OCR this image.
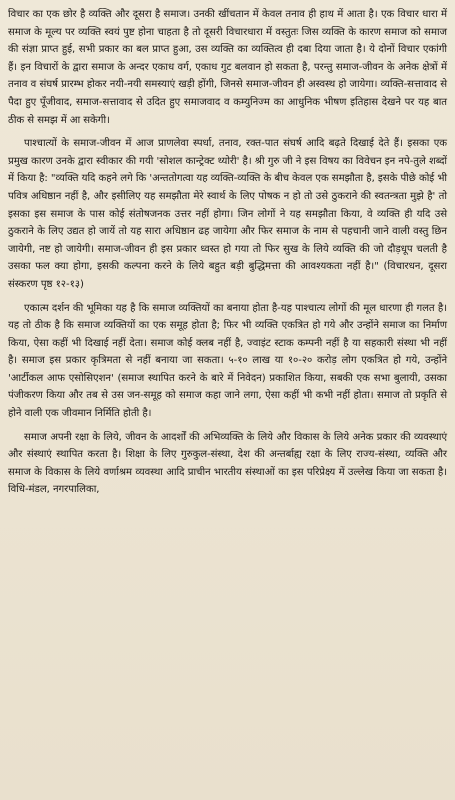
विचार का एक छोर है व्यक्ति और दूसरा है समाज। उनकी खींचतान में केवल तनाव ही हाथ में आता है। एक विचार धारा में समाज के मूल्य पर व्यक्ति स्वयं पुष्ट होना चाहता है तो दूसरी विचारधारा में वस्तुतः जिस व्यक्ति के कारण समाज को समाज की संज्ञा प्राप्त हुई, सभी प्रकार का बल प्राप्त हुआ, उस व्यक्ति का व्यक्तित्व ही दबा दिया जाता है। ये दोनों विचार एकांगी हैं। इन विचारों के द्वारा समाज के अन्दर एकाध वर्ग, एकाध गुट बलवान हो सकता है, परन्तु समाज-जीवन के अनेक क्षेत्रों में तनाव व संघर्ष प्रारम्भ होकर नयी-नयी समस्याएं खड़ी होंगी, जिनसे समाज-जीवन ही अस्वस्थ हो जायेगा। व्यक्ति-सत्तावाद से पैदा हुए पूँजीवाद, समाज-सत्तावाद से उदित हुए समाजवाद व कम्युनिज्म का आधुनिक भीषण इतिहास देखने पर यह बात ठीक से समझ में आ सकेगी।

पाश्चात्यों के समाज-जीवन में आज प्राणलेवा स्पर्धा, तनाव, रक्त-पात संघर्ष आदि बढ़ते दिखाई देते हैं। इसका एक प्रमुख कारण उनके द्वारा स्वीकार की गयी 'सोशल कान्ट्रेक्ट थ्योरी' है। श्री गुरु जी ने इस विषय का विवेचन इन नपे-तुले शब्दों में किया है: "व्यक्ति यदि कहने लगे कि 'अन्ततोगत्वा यह व्यक्ति-व्यक्ति के बीच केवल एक समझौता है, इसके पीछे कोई भी पवित्र अधिष्ठान नहीं है, और इसीलिए यह समझौता मेरे स्वार्थ के लिए पोषक न हो तो उसे ठुकराने की स्वतन्त्रता मुझे है' तो इसका इस समाज के पास कोई संतोषजनक उत्तर नहीं होगा। जिन लोगों ने यह समझौता किया, वे व्यक्ति ही यदि उसे ठुकराने के लिए उद्यत हो जायें तो यह सारा अधिष्ठान ढह जायेगा और फिर समाज के नाम से पहचानी जाने वाली वस्तु छिन जायेगी, नष्ट हो जायेगी। समाज-जीवन ही इस प्रकार ध्वस्त हो गया तो फिर सुख के लिये व्यक्ति की जो दौड़धूप चलती है उसका फल क्या होगा, इसकी कल्पना करने के लिये बहुत बड़ी बुद्धिमत्ता की आवश्यकता नहीं है।" (विचारधन, दूसरा संस्करण पृष्ठ १२-१३)

एकात्म दर्शन की भूमिका यह है कि समाज व्यक्तियों का बनाया होता है-यह पाश्चात्य लोगों की मूल धारणा ही गलत है। यह तो ठीक है कि समाज व्यक्तियों का एक समूह होता है; फिर भी व्यक्ति एकत्रित हो गये और उन्होंने समाज का निर्माण किया, ऐसा कहीं भी दिखाई नहीं देता। समाज कोई क्लब नहीं है, ज्वाइंट स्टाक कम्पनी नहीं है या सहकारी संस्था भी नहीं है। समाज इस प्रकार कृत्रिमता से नहीं बनाया जा सकता। ५-१० लाख या १०-२० करोड़ लोग एकत्रित हो गये, उन्होंने 'आर्टीकल आफ एसोसिएशन' (समाज स्थापित करने के बारे में निवेदन) प्रकाशित किया, सबकी एक सभा बुलायी, उसका पंजीकरण किया और तब से उस जन-समूह को समाज कहा जाने लगा, ऐसा कहीं भी कभी नहीं होता। समाज तो प्रकृति से होने वाली एक जीवमान निर्मिति होती है।

समाज अपनी रक्षा के लिये, जीवन के आदर्शों की अभिव्यक्ति के लिये और विकास के लिये अनेक प्रकार की व्यवस्थाएं और संस्थाएं स्थापित करता है। शिक्षा के लिए गुरुकुल-संस्था, देश की अन्तर्बाह्य रक्षा के लिए राज्य-संस्था, व्यक्ति और समाज के विकास के लिये वर्णाश्रम व्यवस्था आदि प्राचीन भारतीय संस्थाओं का इस परिप्रेक्ष्य में उल्लेख किया जा सकता है। विधि-मंडल, नगरपालिका,
